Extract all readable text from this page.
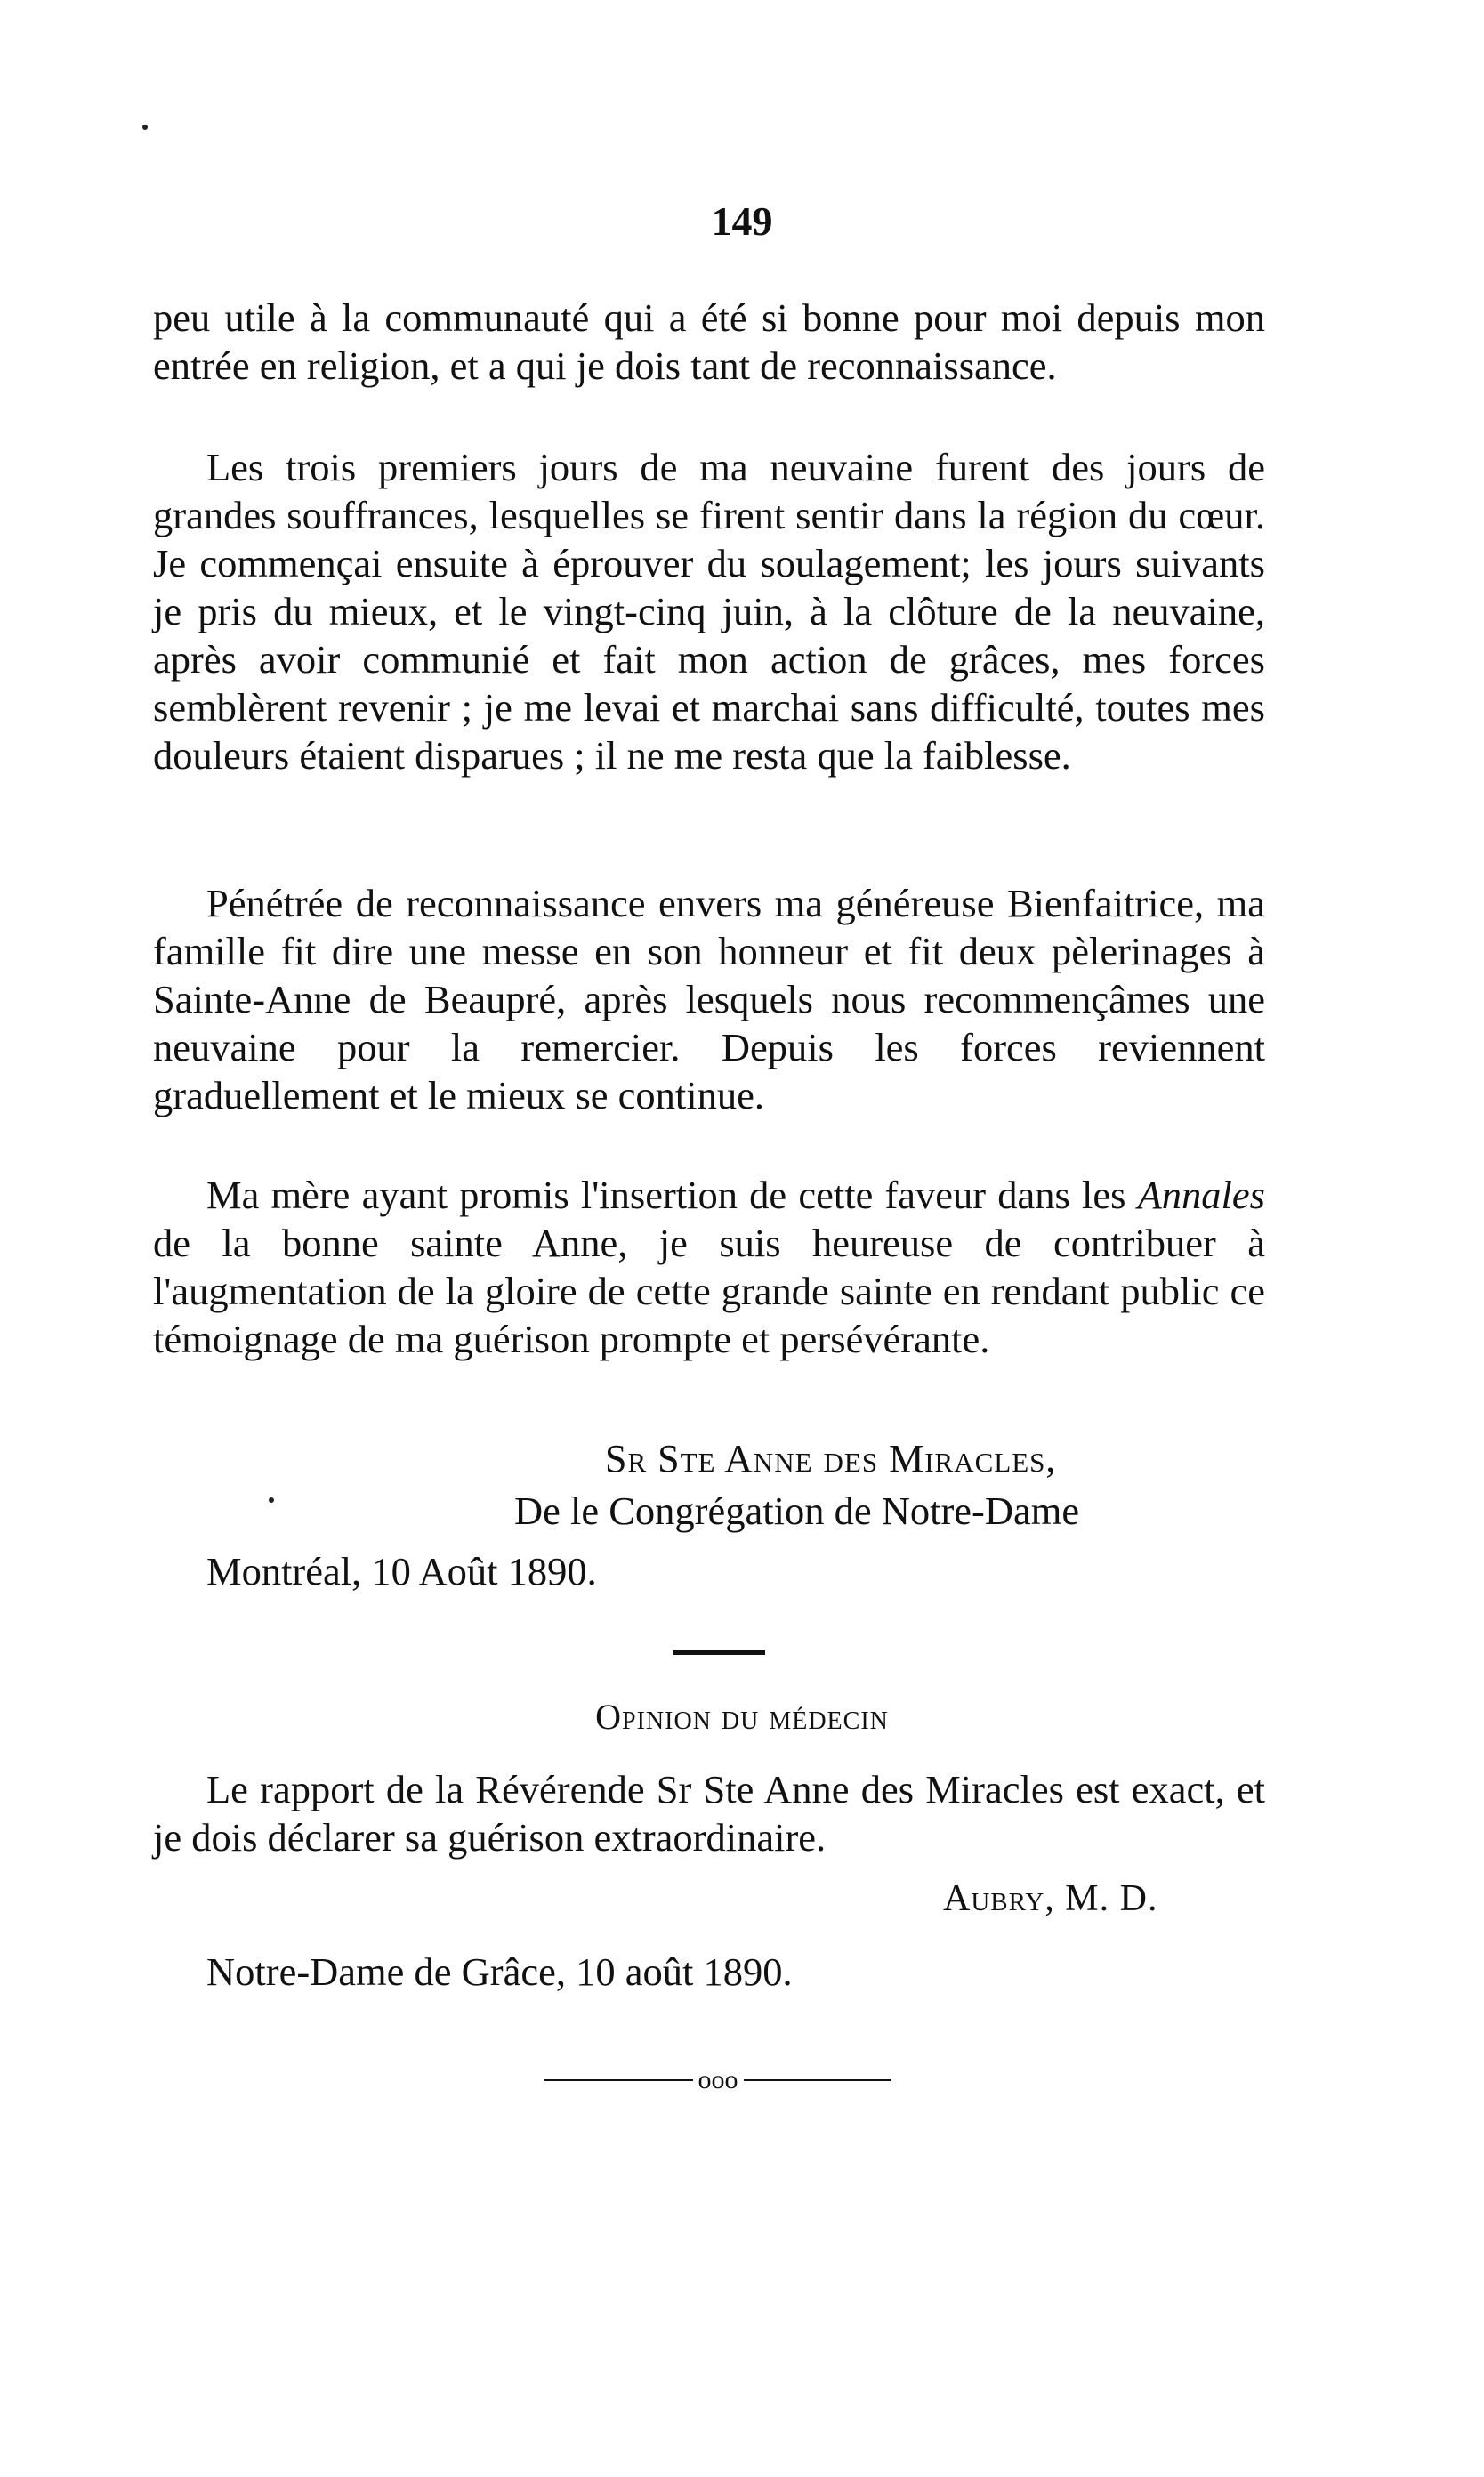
149

peu utile à la communauté qui a été si bonne pour moi depuis mon entrée en religion, et a qui je dois tant de reconnaissance.

Les trois premiers jours de ma neuvaine furent des jours de grandes souffrances, lesquelles se firent sentir dans la région du cœur. Je commençai ensuite à éprouver du soulagement; les jours suivants je pris du mieux, et le vingt-cinq juin, à la clôture de la neuvaine, après avoir communié et fait mon action de grâces, mes forces semblèrent revenir ; je me levai et marchai sans difficulté, toutes mes douleurs étaient disparues ; il ne me resta que la faiblesse.

Pénétrée de reconnaissance envers ma généreuse Bienfaitrice, ma famille fit dire une messe en son honneur et fit deux pèlerinages à Sainte-Anne de Beaupré, après lesquels nous recommençâmes une neuvaine pour la remercier. Depuis les forces reviennent graduellement et le mieux se continue.

Ma mère ayant promis l'insertion de cette faveur dans les Annales de la bonne sainte Anne, je suis heureuse de contribuer à l'augmentation de la gloire de cette grande sainte en rendant public ce témoignage de ma guérison prompte et persévérante.

Sr Ste Anne des Miracles,
De le Congrégation de Notre-Dame
Montréal, 10 Août 1890.
Opinion du médecin

Le rapport de la Révérende Sr Ste Anne des Miracles est exact, et je dois déclarer sa guérison extraordinaire.

Aubry, M. D.
Notre-Dame de Grâce, 10 août 1890.
ooo
